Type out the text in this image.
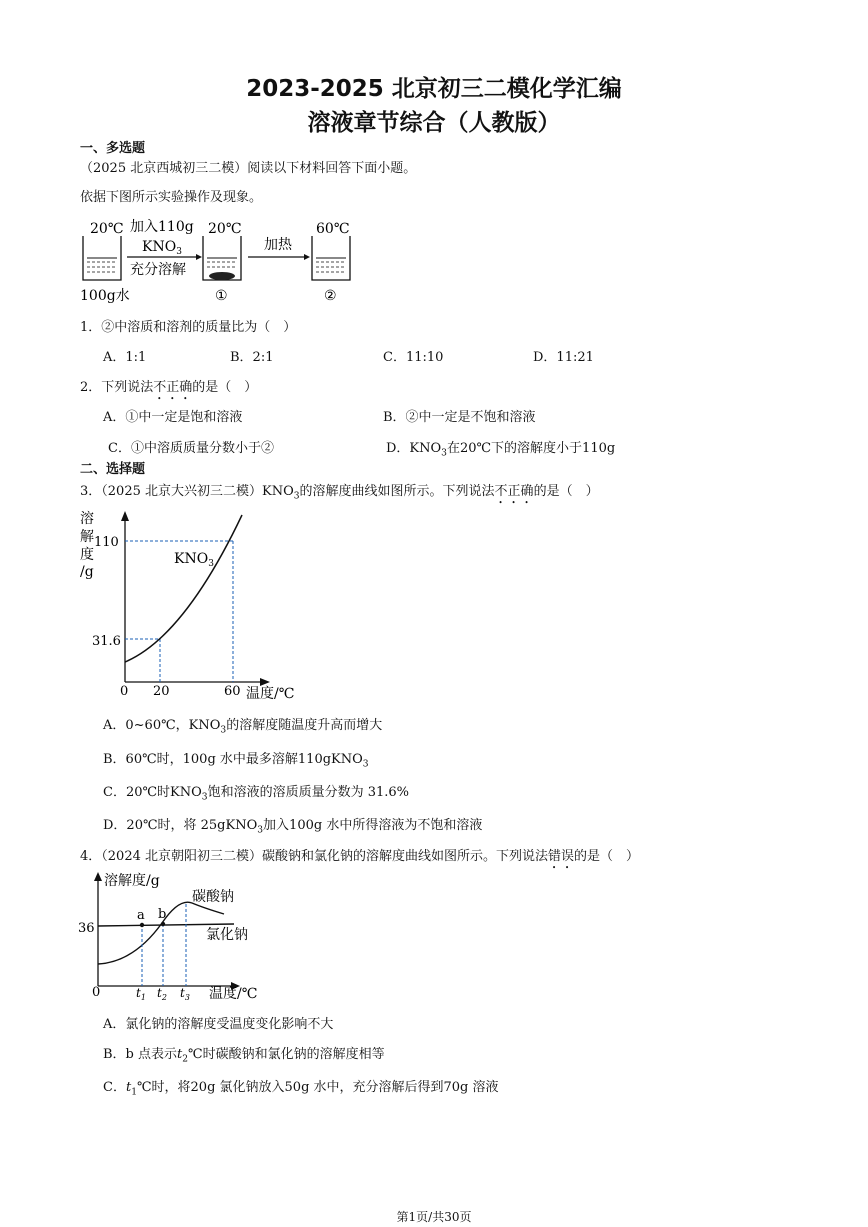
2023-2025 北京初三二模化学汇编
溶液章节综合（人教版）
一、多选题
（2025 北京西城初三二模）阅读以下材料回答下面小题。
依据下图所示实验操作及现象。
20℃
100g水
加入110g
$KNO_3$
充分溶解
20℃
①
加热
60℃
②
1．②中溶质和溶剂的质量比为（　）
A．1:1	B．2:1	C．11:10	D．11:21
2．下列说法不正确的是（　）
A．①中一定是饱和溶液	B．②中一定是不饱和溶液
C．①中溶质质量分数小于②	D．$KNO_3$在20℃下的溶解度小于110g
二、选择题
3．（2025 北京大兴初三二模）$KNO_3$的溶解度曲线如图所示。下列说法不正确的是（　）
溶
解
度
/g
0 20	60 温度/℃
110
31.6
$KNO_3$
A．0~60℃，$KNO_3$的溶解度随温度升高而增大
B．60℃时，100g 水中最多溶解110gKNO$_3$
C．20℃时$KNO_3$饱和溶液的溶质质量分数为 31.6%
D．20℃时，将 25gKNO$_3$加入100g 水中所得溶液为不饱和溶液
4．（2024 北京朝阳初三二模）碳酸钠和氯化钠的溶解度曲线如图所示。下列说法错误的是（　）
溶解度/g
36
0	温度/℃
a b
$t_1$ $t_2$ $t_3$
碳酸钠
氯化钠
A．氯化钠的溶解度受温度变化影响不大
B．b 点表示$t_2℃$时碳酸钠和氯化钠的溶解度相等
C．$t_1℃$时，将20g 氯化钠放入50g 水中，充分溶解后得到70g 溶液
第1页/共30页
